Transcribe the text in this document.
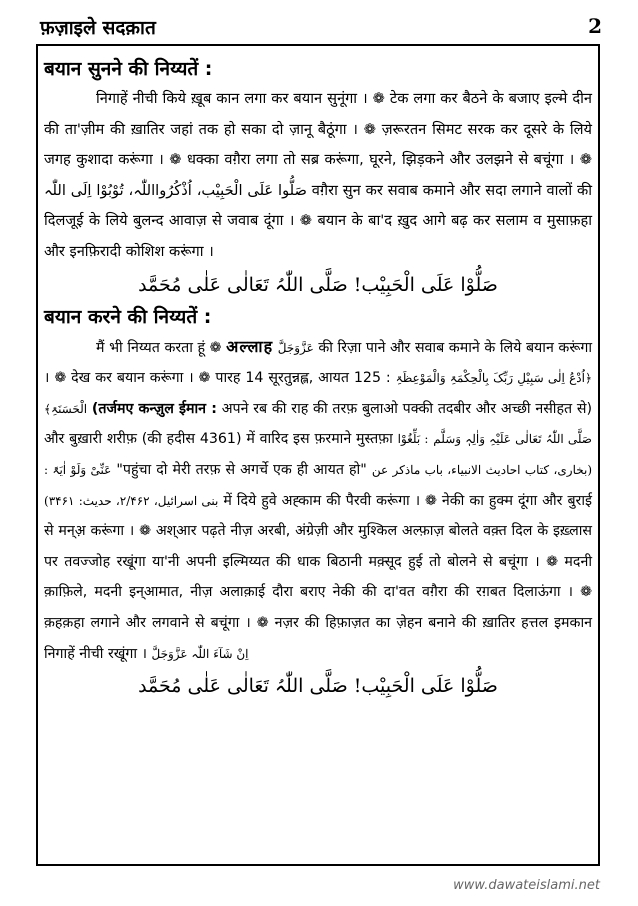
फ़ज़ाइले सदक़ात	2
बयान सुनने की निय्यतें :

निगाहें नीची किये ख़ूब कान लगा कर बयान सुनूंगा । ❁ टेक लगा कर बैठने के बजाए इल्मे दीन की ता'ज़ीम की ख़ातिर जहां तक हो सका दो ज़ानू बैठूंगा । ❁ ज़रूरतन सिमट सरक कर दूसरे के लिये जगह कुशादा करूंगा । ❁ धक्का वग़ैरा लगा तो सब्र करूंगा, घूरने, झिड़कने और उलझने से बचूंगा । ❁ صَلُّوا عَلَی الْحَبِیْب، اُذْکُرُوااللّٰہ، تُوْبُوْا اِلَی اللّٰہ वग़ैरा सुन कर सवाब कमाने और सदा लगाने वालों की दिलजूई के लिये बुलन्द आवाज़ से जवाब दूंगा । ❁ बयान के बा'द ख़ुद आगे बढ़ कर सलाम व मुसाफ़हा और इनफ़िरादी कोशिश करूंगा ।

صَلُّوْا عَلَی الْحَبِیْب! صَلَّی اللّٰہُ تَعَالٰی عَلٰی مُحَمَّد
बयान करने की निय्यतें :

मैं भी निय्यत करता हूं ❁ अल्लाह عَزَّوَجَلَّ की रिज़ा पाने और सवाब कमाने के लिये बयान करूंगा । ❁ देख कर बयान करूंगा । ❁ पारह 14 सूरतुन्नह्ल, आयत 125 : ﴿اُدْعُ اِلٰی سَبِیْلِ رَبِّکَ بِالْحِکْمَۃِ وَالْمَوْعِظَۃِ الْحَسَنَۃِ﴾ (तर्जमए कन्ज़ुल ईमान : अपने रब की राह की तरफ़ बुलाओ पक्की तदबीर और अच्छी नसीहत से) और बुख़ारी शरीफ़ (की हदीस 4361) में वारिद इस फ़रमाने मुस्तफ़ा	صَلَّی اللّٰہُ تَعَالٰی عَلَیْہِ وَاٰلِہٖ وَسَلَّم : بَلِّغُوْا عَنِّیْ وَلَوْ اٰیَۃً : "पहुंचा दो मेरी तरफ़ से अगर्चे एक ही आयत हो" (بخاری، کتاب احادیث الانبیاء، باب ماذکر عن بنی اسرائیل، ۲/۴۶۲، حدیث: ۳۴۶۱) में दिये हुवे अह्काम की पैरवी करूंगा । ❁ नेकी का हुक्म दूंगा और बुराई से मन्अ़ करूंगा । ❁ अश्आर पढ़ते नीज़ अरबी, अंग्रेज़ी और मुश्किल अल्फ़ाज़ बोलते वक़्त दिल के इख़्लास पर तवज्जोह रखूंगा या'नी अपनी इल्मिय्यत की धाक बिठानी मक़्सूद हुई तो बोलने से बचूंगा । ❁ मदनी क़ाफ़िले, मदनी इन्आमात, नीज़ अलाक़ाई दौरा बराए नेकी की दा'वत वग़ैरा की रग़बत दिलाऊंगा । ❁ क़हक़हा लगाने और लगवाने से बचूंगा । ❁ नज़र की हिफ़ाज़त का ज़ेहन बनाने की ख़ातिर हत्तल इमकान निगाहें नीची रखूंगा । اِنْ شَآءَ اللّٰہ عَزَّوَجَلَّ

صَلُّوْا عَلَی الْحَبِیْب! صَلَّی اللّٰہُ تَعَالٰی عَلٰی مُحَمَّد
www.dawateislami.net
